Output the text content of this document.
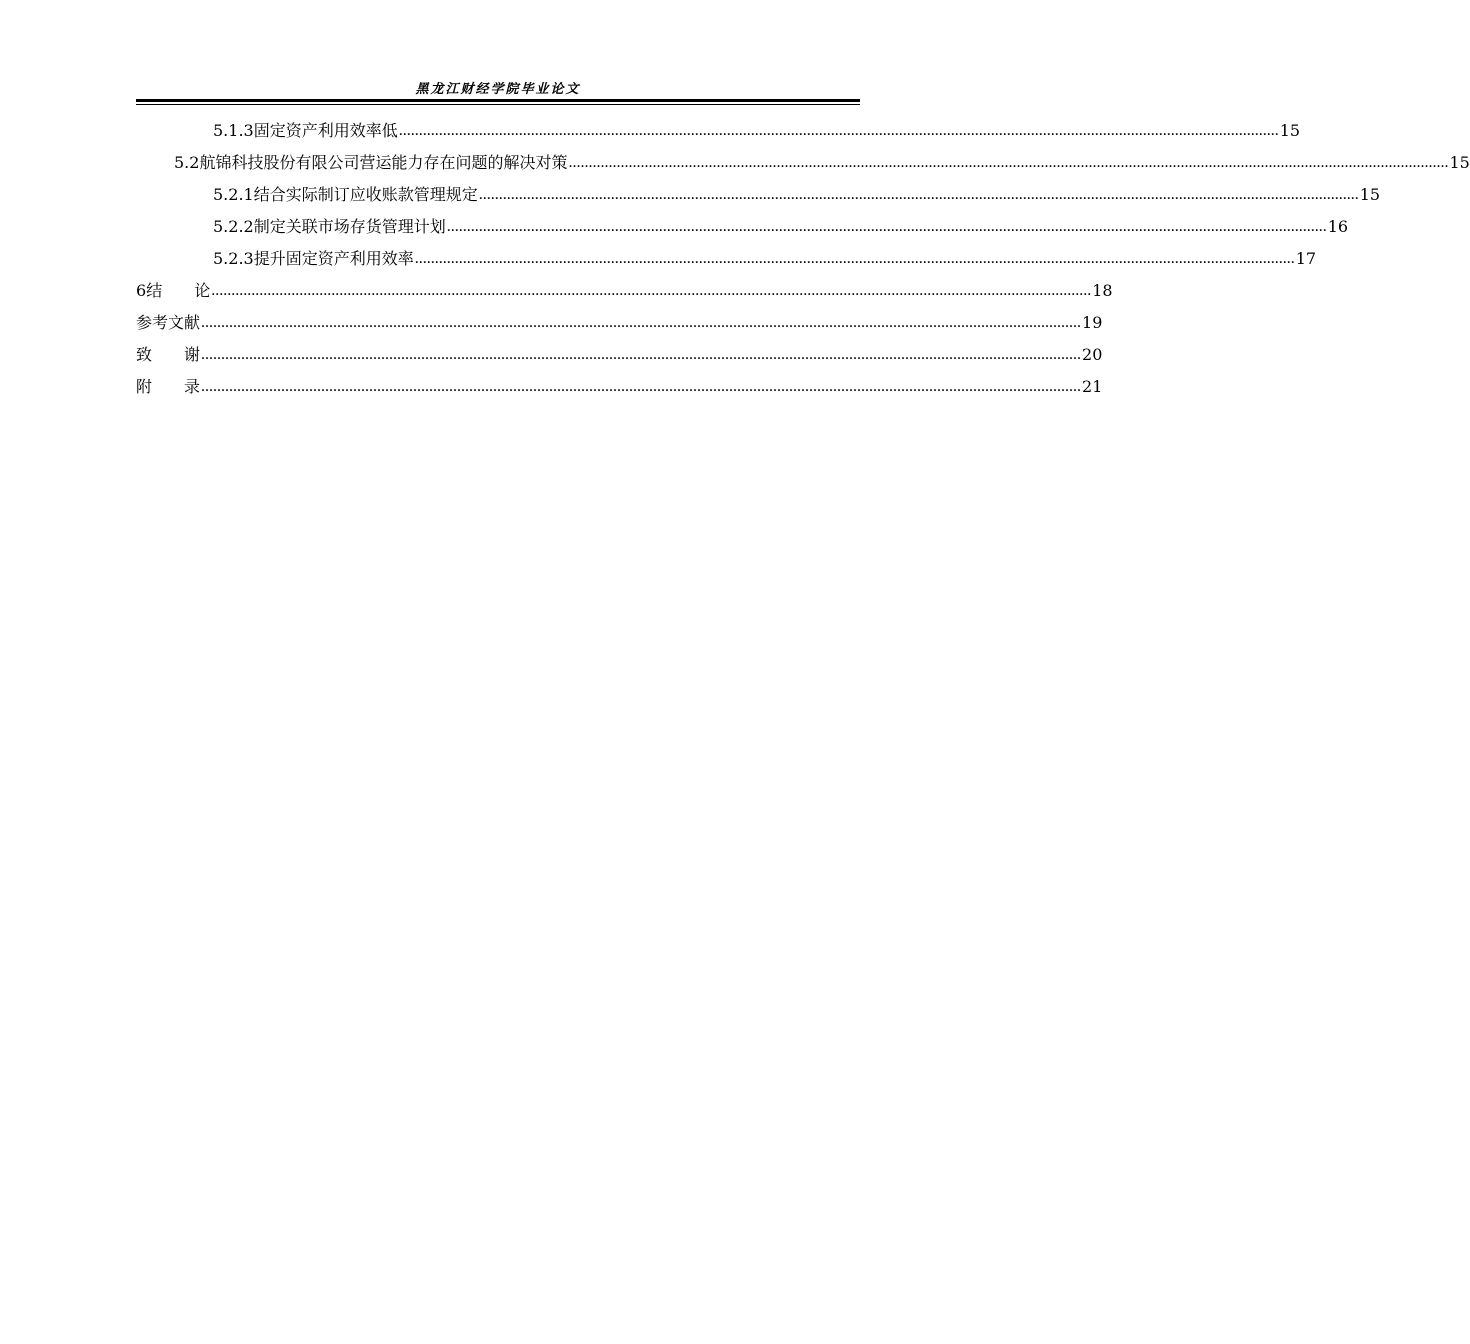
黑龙江财经学院毕业论文
5.1.3 固定资产利用效率低 ............................................................................................................................................................................................................................ 15
5.2 航锦科技股份有限公司营运能力存在问题的解决对策 ............................................................................................................................................................................................................................ 15
5.2.1 结合实际制订应收账款管理规定 ............................................................................................................................................................................................................................ 15
5.2.2 制定关联市场存货管理计划 ............................................................................................................................................................................................................................ 16
5.2.3 提升固定资产利用效率 ............................................................................................................................................................................................................................ 17
6 结　　论 ............................................................................................................................................................................................................................ 18
参考文献 ............................................................................................................................................................................................................................ 19
致　　谢 ............................................................................................................................................................................................................................ 20
附　　录 ............................................................................................................................................................................................................................ 21
